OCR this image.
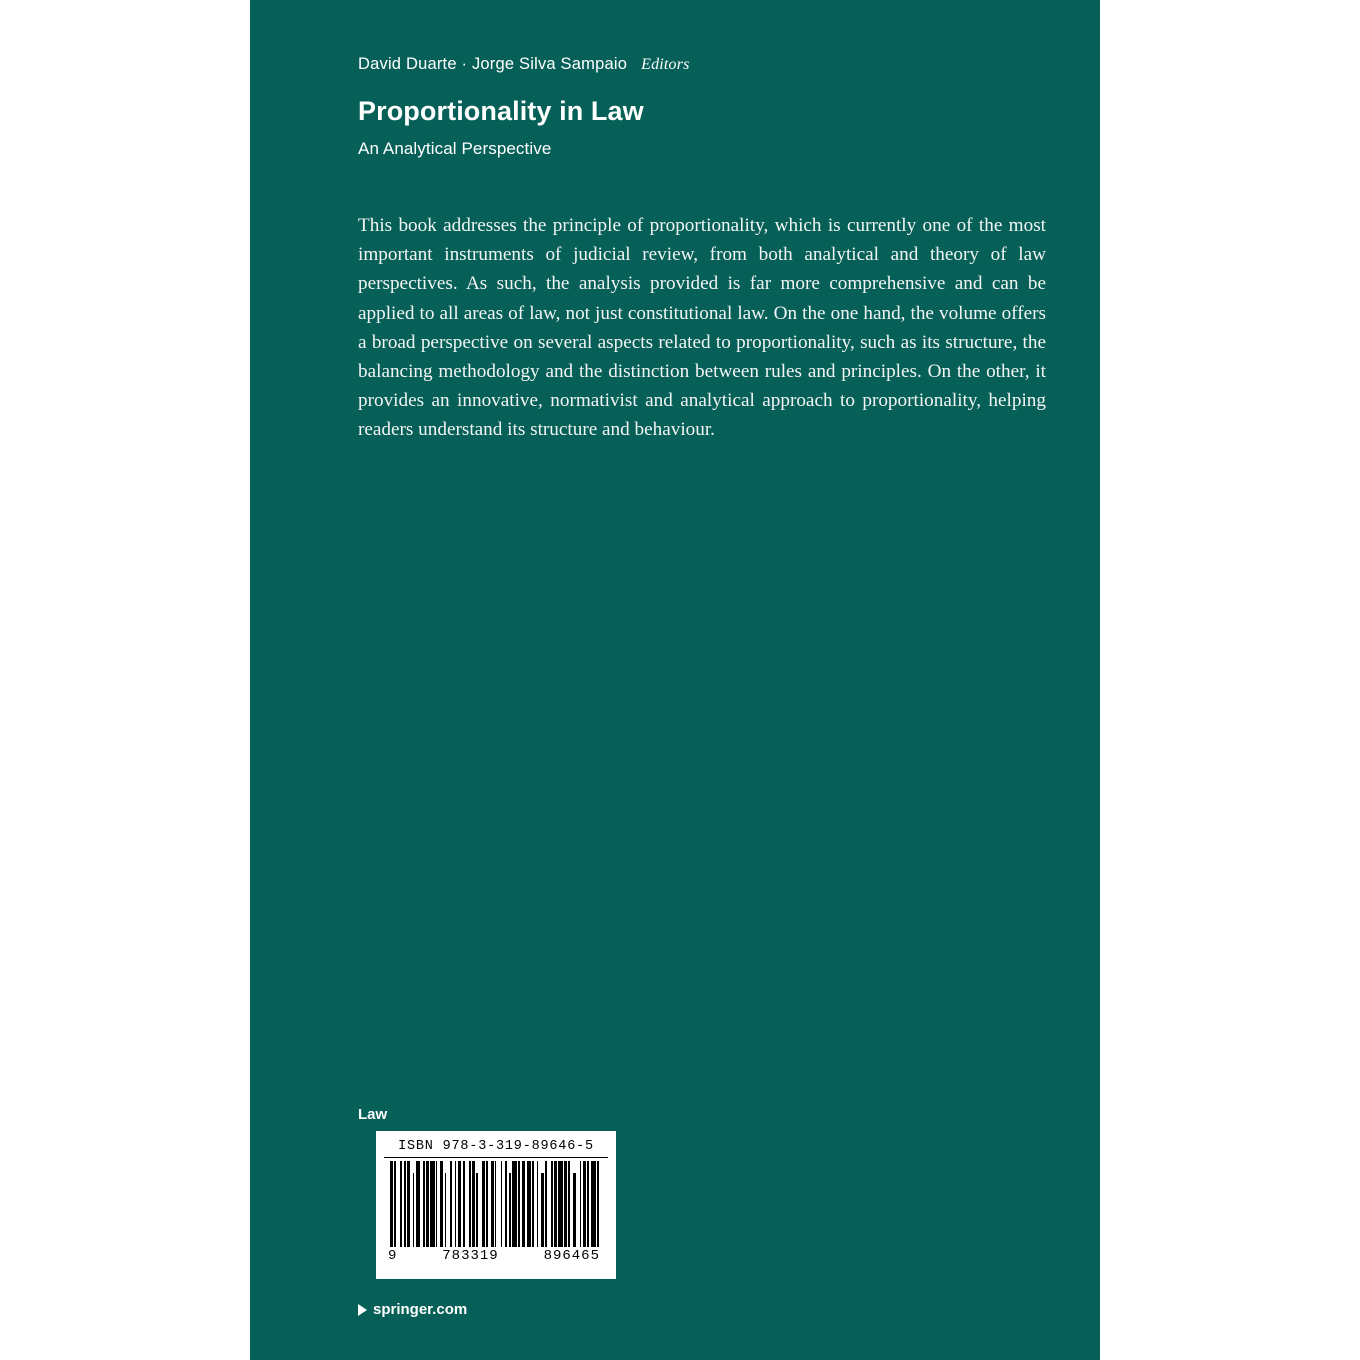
David Duarte · Jorge Silva Sampaio Editors

Proportionality in Law
An Analytical Perspective

This book addresses the principle of proportionality, which is currently one of the most important instruments of judicial review, from both analytical and theory of law perspectives. As such, the analysis provided is far more comprehensive and can be applied to all areas of law, not just constitutional law. On the one hand, the volume offers a broad perspective on several aspects related to proportionality, such as its structure, the balancing methodology and the distinction between rules and principles. On the other, it provides an innovative, normativist and analytical approach to proportionality, helping readers understand its structure and behaviour.

Law
ISBN 978-3-319-89646-5
9	783319	896465
springer.com
